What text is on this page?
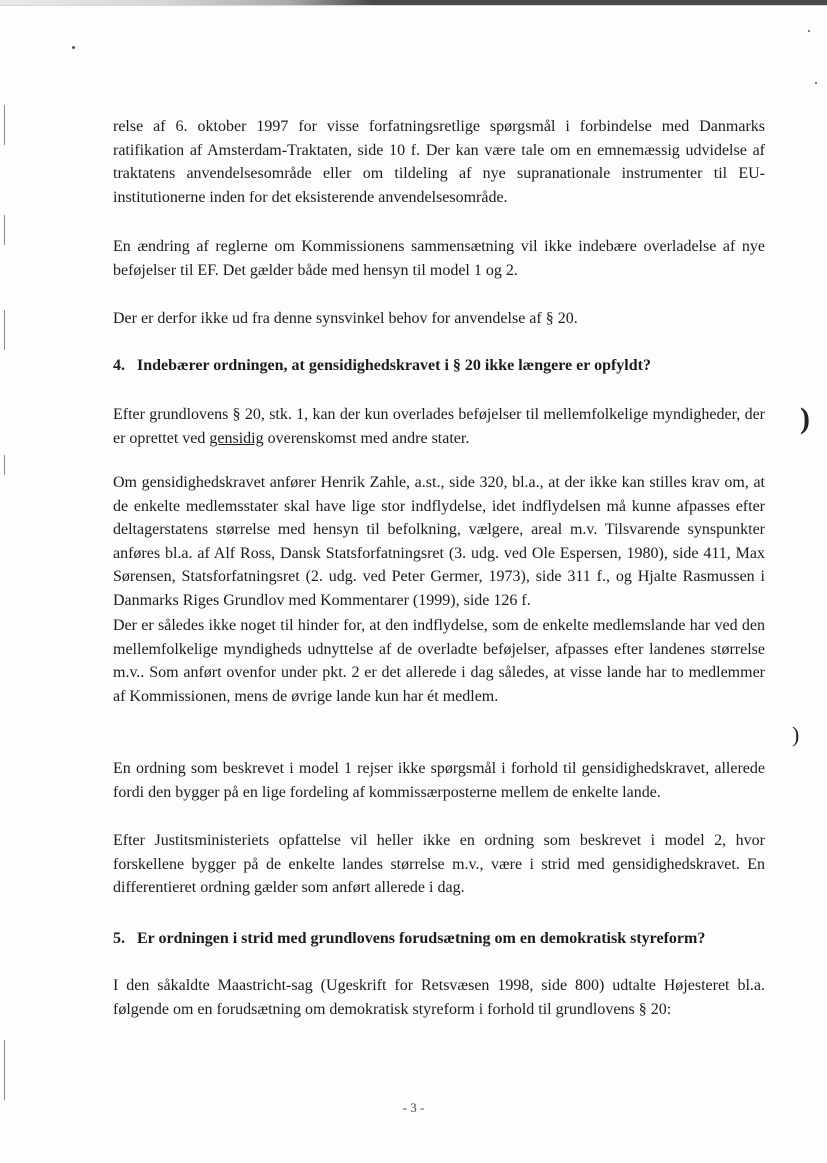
)
)

relse af 6. oktober 1997 for visse forfatningsretlige spørgsmål i forbindelse med Danmarks ratifikation af Amsterdam-Traktaten, side 10 f. Der kan være tale om en emnemæssig udvidelse af traktatens anvendelsesområde eller om tildeling af nye supranationale instrumenter til EU-institutionerne inden for det eksisterende anvendelsesområde.

En ændring af reglerne om Kommissionens sammensætning vil ikke indebære overladelse af nye beføjelser til EF. Det gælder både med hensyn til model 1 og 2.

Der er derfor ikke ud fra denne synsvinkel behov for anvendelse af § 20.

4. Indebærer ordningen, at gensidighedskravet i § 20 ikke længere er opfyldt?

Efter grundlovens § 20, stk. 1, kan der kun overlades beføjelser til mellemfolkelige myndigheder, der er oprettet ved gensidig overenskomst med andre stater.

Om gensidighedskravet anfører Henrik Zahle, a.st., side 320, bl.a., at der ikke kan stilles krav om, at de enkelte medlemsstater skal have lige stor indflydelse, idet indflydelsen må kunne afpasses efter deltagerstatens størrelse med hensyn til befolkning, vælgere, areal m.v. Tilsvarende synspunkter anføres bl.a. af Alf Ross, Dansk Statsforfatningsret (3. udg. ved Ole Espersen, 1980), side 411, Max Sørensen, Statsforfatningsret (2. udg. ved Peter Germer, 1973), side 311 f., og Hjalte Rasmussen i Danmarks Riges Grundlov med Kommentarer (1999), side 126 f.

Der er således ikke noget til hinder for, at den indflydelse, som de enkelte medlemslande har ved den mellemfolkelige myndigheds udnyttelse af de overladte beføjelser, afpasses efter landenes størrelse m.v.. Som anført ovenfor under pkt. 2 er det allerede i dag således, at visse lande har to medlemmer af Kommissionen, mens de øvrige lande kun har ét medlem.

En ordning som beskrevet i model 1 rejser ikke spørgsmål i forhold til gensidighedskravet, allerede fordi den bygger på en lige fordeling af kommissærposterne mellem de enkelte lande.

Efter Justitsministeriets opfattelse vil heller ikke en ordning som beskrevet i model 2, hvor forskellene bygger på de enkelte landes størrelse m.v., være i strid med gensidighedskravet. En differentieret ordning gælder som anført allerede i dag.

5. Er ordningen i strid med grundlovens forudsætning om en demokratisk styreform?

I den såkaldte Maastricht-sag (Ugeskrift for Retsvæsen 1998, side 800) udtalte Højesteret bl.a. følgende om en forudsætning om demokratisk styreform i forhold til grundlovens § 20:

- 3 -
